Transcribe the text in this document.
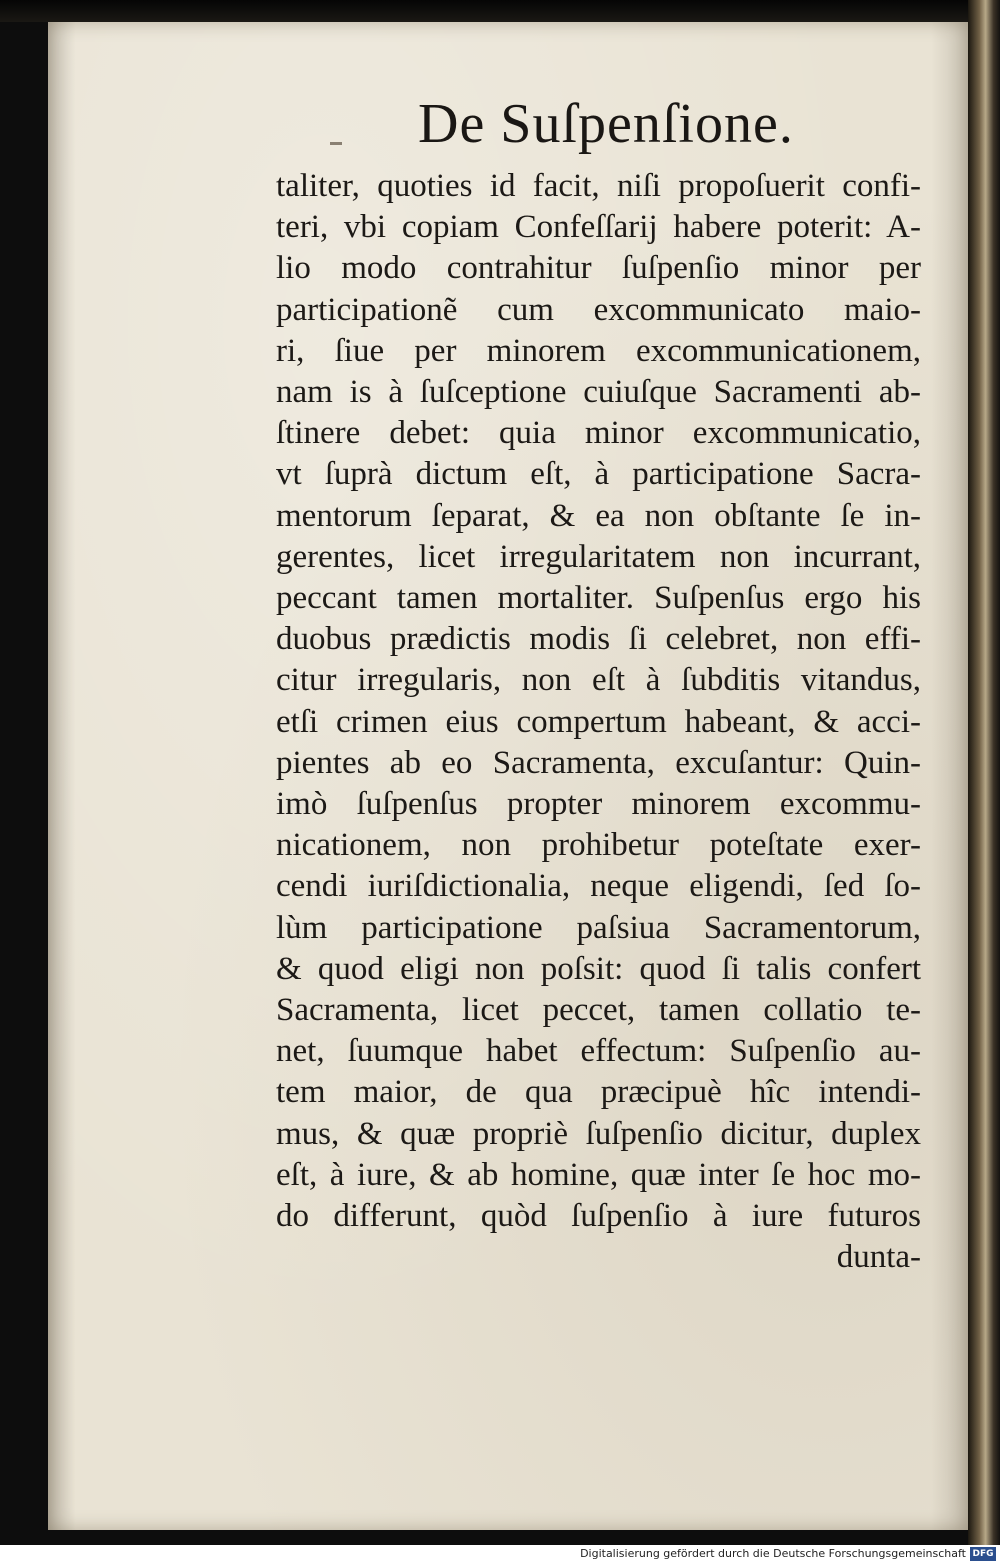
De Suſpenſione.
taliter, quoties id facit, niſi propoſuerit confi-
teri, vbi copiam Confeſſarij habere poterit: A-
lio modo contrahitur ſuſpenſio minor per
participationẽ cum excommunicato maio-
ri, ſiue per minorem excommunicationem,
nam is à ſuſceptione cuiuſque Sacramenti ab-
ſtinere debet: quia minor excommunicatio,
vt ſuprà dictum eſt, à participatione Sacra-
mentorum ſeparat, & ea non obſtante ſe in-
gerentes, licet irregularitatem non incurrant,
peccant tamen mortaliter. Suſpenſus ergo his
duobus prædictis modis ſi celebret, non effi-
citur irregularis, non eſt à ſubditis vitandus,
etſi crimen eius compertum habeant, & acci-
pientes ab eo Sacramenta, excuſantur: Quin-
imò ſuſpenſus propter minorem excommu-
nicationem, non prohibetur poteſtate exer-
cendi iuriſdictionalia, neque eligendi, ſed ſo-
lùm participatione paſsiua Sacramentorum,
& quod eligi non poſsit: quod ſi talis confert
Sacramenta, licet peccet, tamen collatio te-
net, ſuumque habet effectum: Suſpenſio au-
tem maior, de qua præcipuè hîc intendi-
mus, & quæ propriè ſuſpenſio dicitur, duplex
eſt, à iure, & ab homine, quæ inter ſe hoc mo-
do differunt, quòd ſuſpenſio à iure futuros
dunta-
Digitalisierung gefördert durch die Deutsche Forschungsgemeinschaft DFG
